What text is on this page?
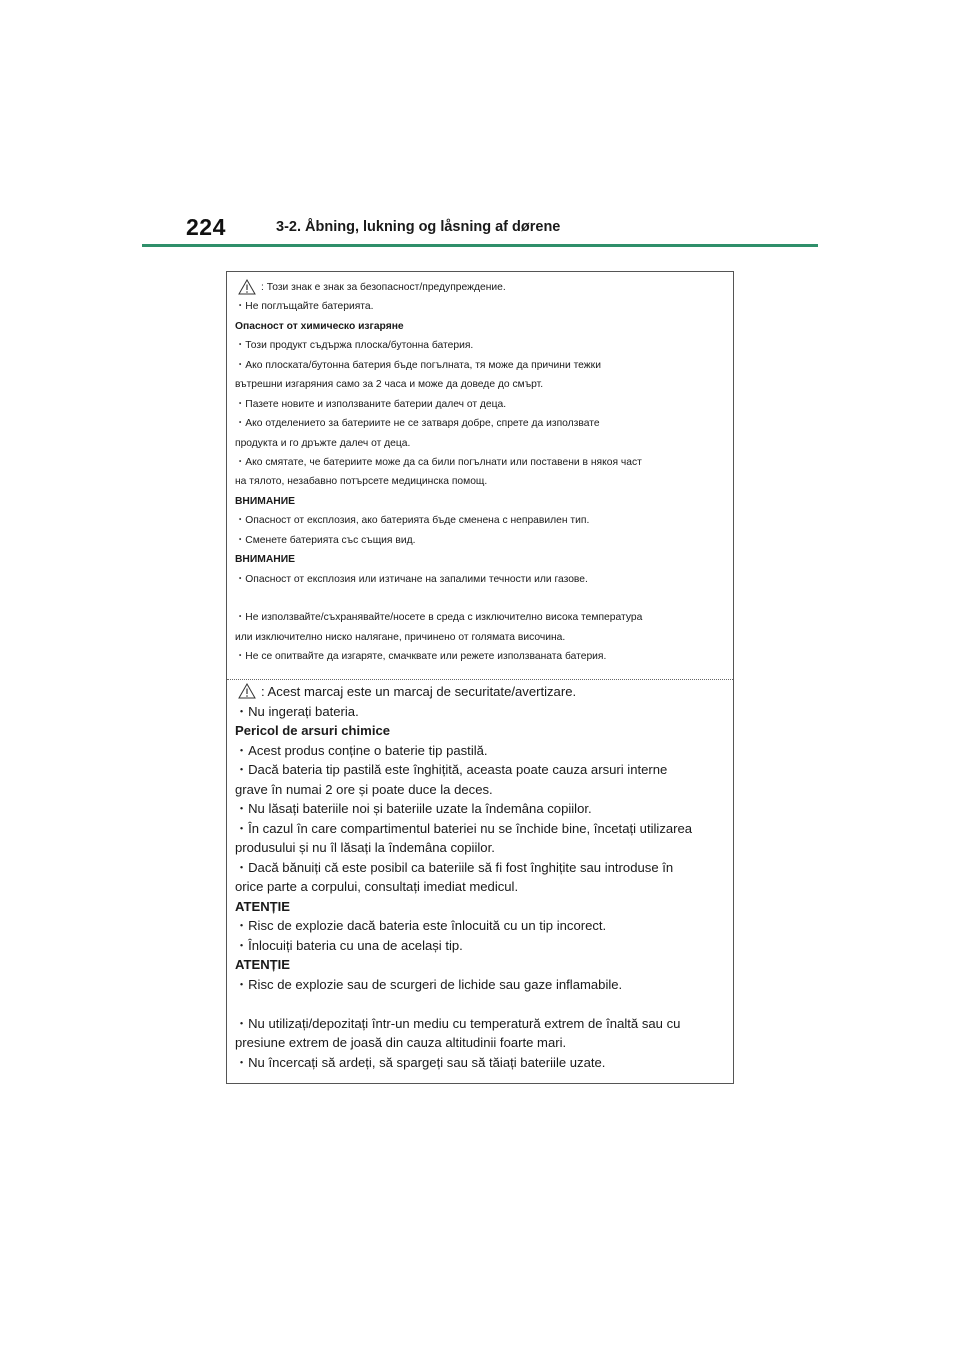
224	3-2. Åbning, lukning og låsning af dørene
: Този знак е знак за безопасност/предупреждение.
・Не поглъщайте батерията.
Опасност от химическо изгаряне
・Този продукт съдържа плоска/бутонна батерия.
・Ако плоската/бутонна батерия бъде погълната, тя може да причини тежки
вътрешни изгаряния само за 2 часа и може да доведе до смърт.
・Пазете новите и използваните батерии далеч от деца.
・Ако отделението за батериите не се затваря добре, спрете да използвате
продукта и го дръжте далеч от деца.
・Ако смятате, че батериите може да са били погълнати или поставени в някоя част
на тялото, незабавно потърсете медицинска помощ.
ВНИМАНИЕ
・Опасност от експлозия, ако батерията бъде сменена с неправилен тип.
・Сменете батерията със същия вид.
ВНИМАНИЕ
・Опасност от експлозия или изтичане на запалими течности или газове.
・Не използвайте/съхранявайте/носете в среда с изключително висока температура
или изключително ниско налягане, причинено от голямата височина.
・Не се опитвайте да изгаряте, смачквате или режете използваната батерия.
: Acest marcaj este un marcaj de securitate/avertizare.
・Nu ingerați bateria.
Pericol de arsuri chimice
・Acest produs conține o baterie tip pastilă.
・Dacă bateria tip pastilă este înghițită, aceasta poate cauza arsuri interne
grave în numai 2 ore și poate duce la deces.
・Nu lăsați bateriile noi și bateriile uzate la îndemâna copiilor.
・În cazul în care compartimentul bateriei nu se închide bine, încetați utilizarea
produsului și nu îl lăsați la îndemâna copiilor.
・Dacă bănuiți că este posibil ca bateriile să fi fost înghițite sau introduse în
orice parte a corpului, consultați imediat medicul.
ATENȚIE
・Risc de explozie dacă bateria este înlocuită cu un tip incorect.
・Înlocuiți bateria cu una de același tip.
ATENȚIE
・Risc de explozie sau de scurgeri de lichide sau gaze inflamabile.
・Nu utilizați/depozitați într-un mediu cu temperatură extrem de înaltă sau cu
presiune extrem de joasă din cauza altitudinii foarte mari.
・Nu încercați să ardeți, să spargeți sau să tăiați bateriile uzate.
